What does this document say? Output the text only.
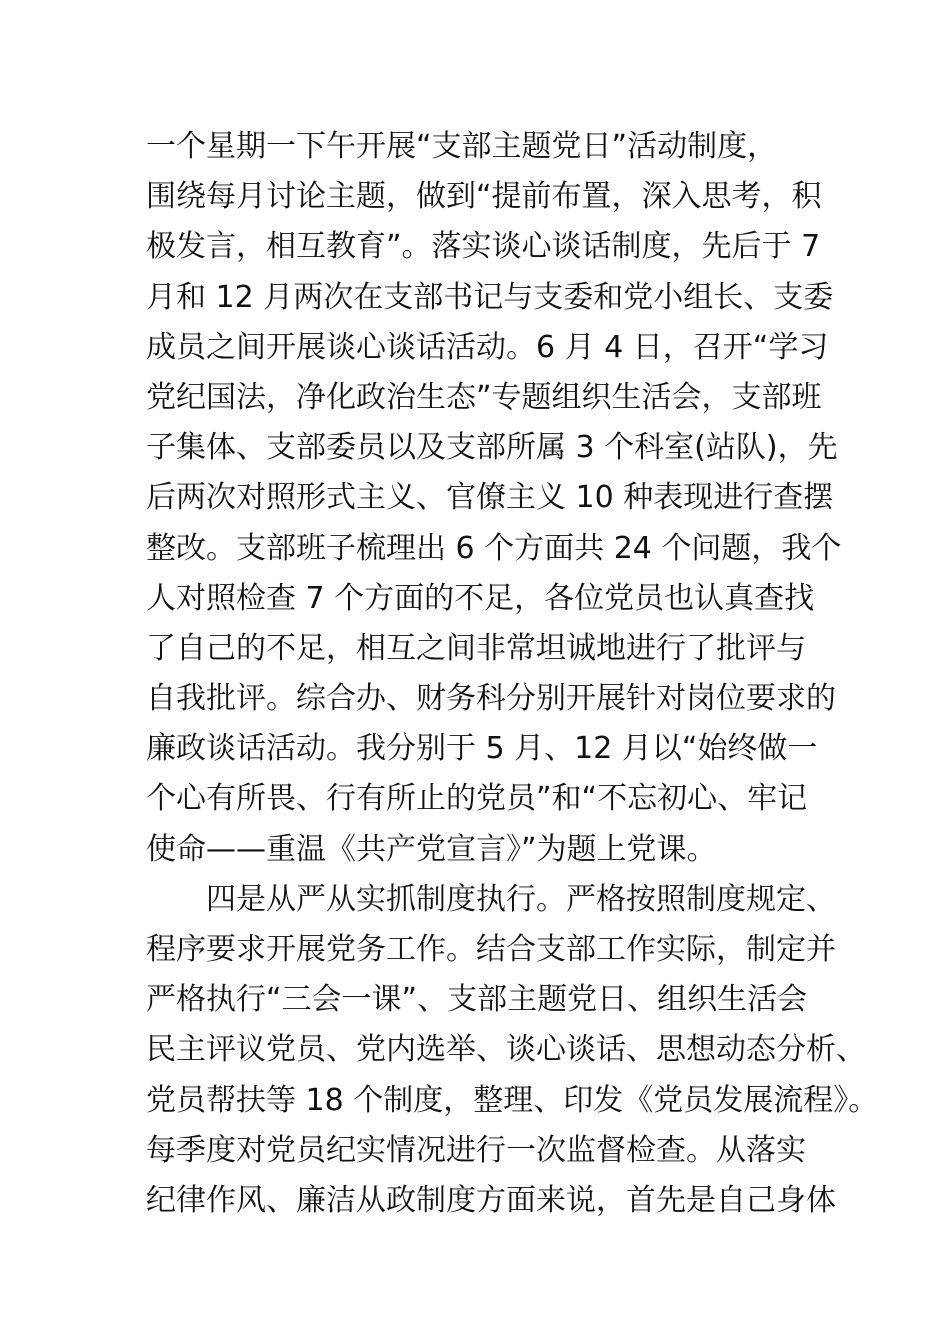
一个星期一下午开展“支部主题党日”活动制度，
围绕每月讨论主题，做到“提前布置，深入思考，积
极发言，相互教育”。落实谈心谈话制度，先后于 7
月和 12 月两次在支部书记与支委和党小组长、支委
成员之间开展谈心谈话活动。6 月 4 日，召开“学习
党纪国法，净化政治生态”专题组织生活会，支部班
子集体、支部委员以及支部所属 3 个科室(站队)，先
后两次对照形式主义、官僚主义 10 种表现进行查摆
整改。支部班子梳理出 6 个方面共 24 个问题，我个
人对照检查 7 个方面的不足，各位党员也认真查找
了自己的不足，相互之间非常坦诚地进行了批评与
自我批评。综合办、财务科分别开展针对岗位要求的
廉政谈话活动。我分别于 5 月、12 月以“始终做一
个心有所畏、行有所止的党员”和“不忘初心、牢记
使命——重温《共产党宣言》”为题上党课。
四是从严从实抓制度执行。严格按照制度规定、
程序要求开展党务工作。结合支部工作实际，制定并
严格执行“三会一课”、支部主题党日、组织生活会
民主评议党员、党内选举、谈心谈话、思想动态分析、
党员帮扶等 18 个制度，整理、印发《党员发展流程》。
每季度对党员纪实情况进行一次监督检查。从落实
纪律作风、廉洁从政制度方面来说，首先是自己身体
